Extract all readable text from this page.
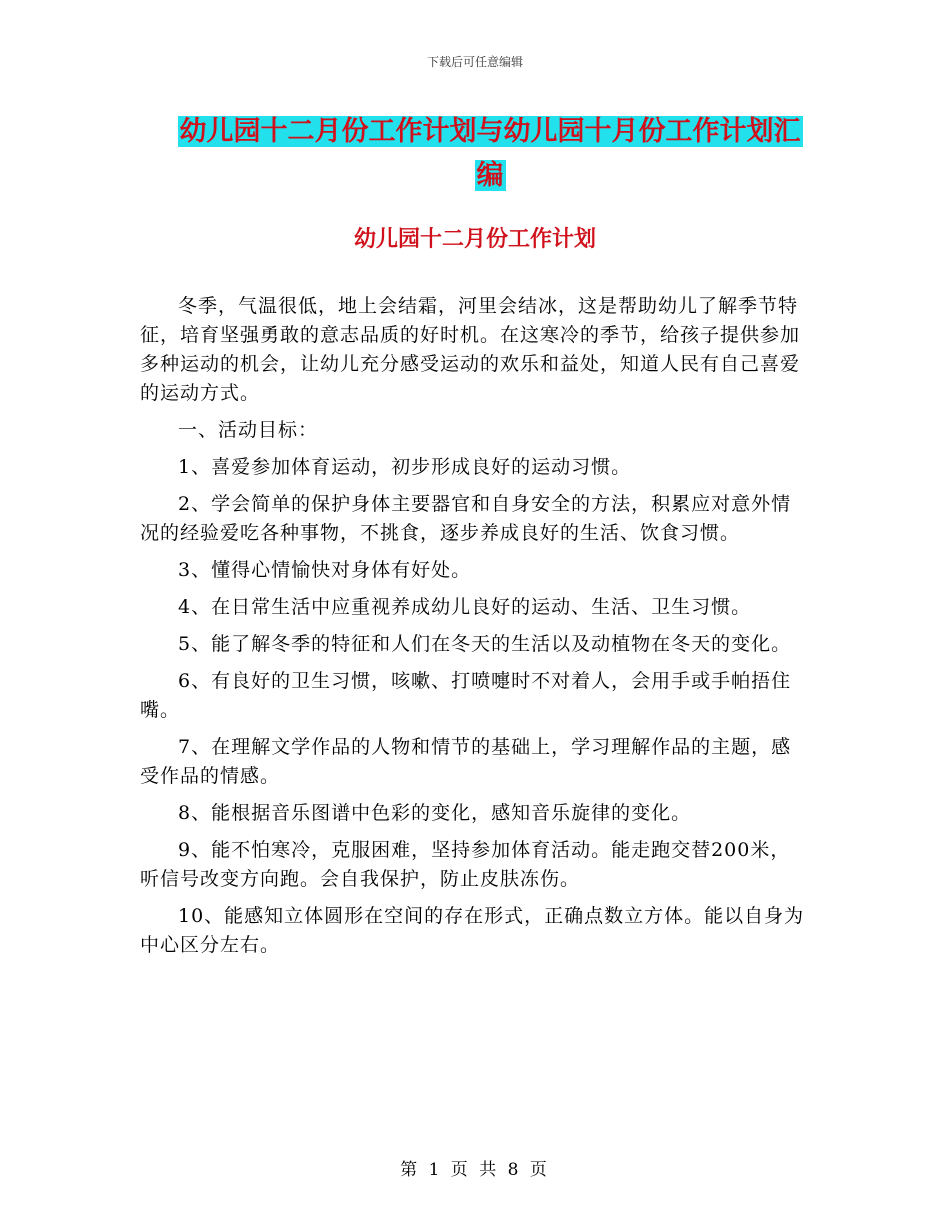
下载后可任意编辑
幼儿园十二月份工作计划与幼儿园十月份工作计划汇
编
幼儿园十二月份工作计划

冬季，气温很低，地上会结霜，河里会结冰，这是帮助幼儿了解季节特征，培育坚强勇敢的意志品质的好时机。在这寒冷的季节，给孩子提供参加多种运动的机会，让幼儿充分感受运动的欢乐和益处，知道人民有自己喜爱的运动方式。

一、活动目标：

1、喜爱参加体育运动，初步形成良好的运动习惯。

2、学会简单的保护身体主要器官和自身安全的方法，积累应对意外情况的经验爱吃各种事物，不挑食，逐步养成良好的生活、饮食习惯。

3、懂得心情愉快对身体有好处。

4、在日常生活中应重视养成幼儿良好的运动、生活、卫生习惯。

5、能了解冬季的特征和人们在冬天的生活以及动植物在冬天的变化。

6、有良好的卫生习惯，咳嗽、打喷嚏时不对着人，会用手或手帕捂住嘴。

7、在理解文学作品的人物和情节的基础上，学习理解作品的主题，感受作品的情感。

8、能根据音乐图谱中色彩的变化，感知音乐旋律的变化。

9、能不怕寒冷，克服困难，坚持参加体育活动。能走跑交替200米，听信号改变方向跑。会自我保护，防止皮肤冻伤。

10、能感知立体圆形在空间的存在形式，正确点数立方体。能以自身为中心区分左右。

第 1 页 共 8 页
